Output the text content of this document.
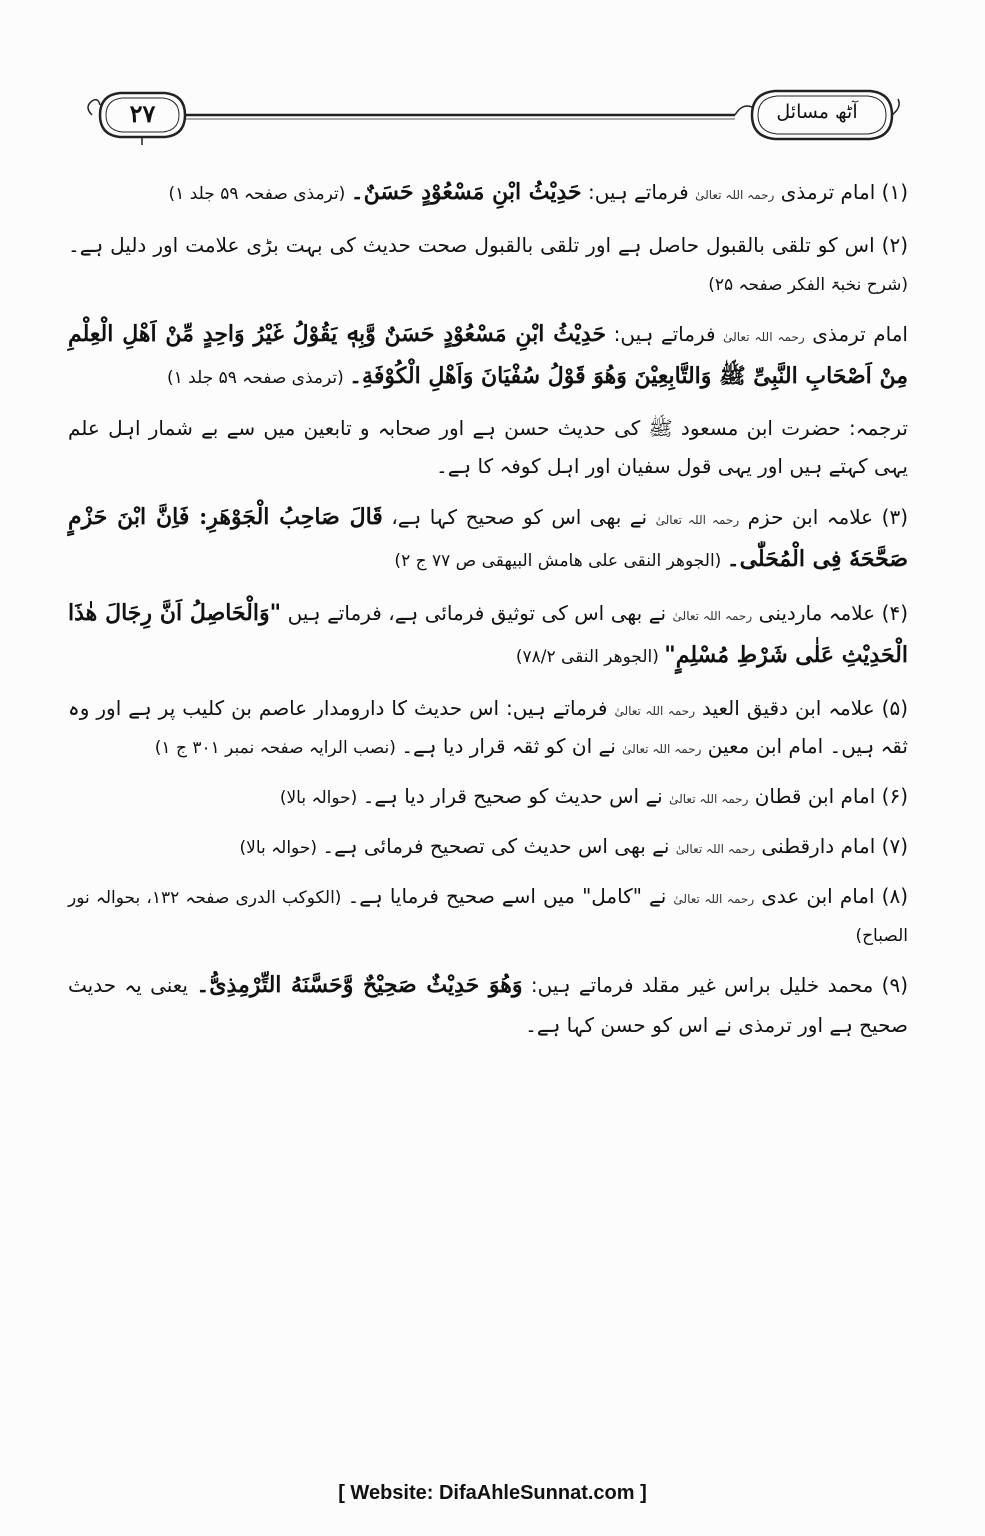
۲۷	آٹھ مسائل

(۱) امام ترمذی رحمہ اللہ تعالیٰ فرماتے ہیں: حَدِیْثُ ابْنِ مَسْعُوْدٍ حَسَنٌ۔ (ترمذی صفحہ ۵۹ جلد ۱)

(۲) اس کو تلقی بالقبول حاصل ہے اور تلقی بالقبول صحت حدیث کی بہت بڑی علامت اور دلیل ہے۔ (شرح نخبۃ الفکر صفحہ ۲۵)

امام ترمذی رحمہ اللہ تعالیٰ فرماتے ہیں: حَدِیْثُ ابْنِ مَسْعُوْدٍ حَسَنٌ وَّبِهٖ یَقُوْلُ غَیْرُ وَاحِدٍ مِّنْ اَهْلِ الْعِلْمِ مِنْ اَصْحَابِ النَّبِیِّ ﷺ وَالتَّابِعِیْنَ وَهُوَ قَوْلُ سُفْیَانَ وَاَهْلِ الْكُوْفَةِ۔ (ترمذی صفحہ ۵۹ جلد ۱)

ترجمہ: حضرت ابن مسعود ﷺ کی حدیث حسن ہے اور صحابہ و تابعین میں سے بے شمار اہل علم یہی کہتے ہیں اور یہی قول سفیان اور اہل کوفہ کا ہے۔

(۳) علامہ ابن حزم رحمہ اللہ تعالیٰ نے بھی اس کو صحیح کہا ہے، قَالَ صَاحِبُ الْجَوْهَرِ: فَاِنَّ ابْنَ حَزْمٍ صَحَّحَهٗ فِی الْمُحَلّٰی۔ (الجوهر النقی علی هامش البیهقی ص ۷۷ ج ۲)

(۴) علامہ ماردینی رحمہ اللہ تعالیٰ نے بھی اس کی توثیق فرمائی ہے، فرماتے ہیں "وَالْحَاصِلُ اَنَّ رِجَالَ هٰذَا الْحَدِیْثِ عَلٰی شَرْطِ مُسْلِمٍ" (الجوهر النقی ۷۸/۲)

(۵) علامہ ابن دقیق العید رحمہ اللہ تعالیٰ فرماتے ہیں: اس حدیث کا دارومدار عاصم بن کلیب پر ہے اور وہ ثقہ ہیں۔ امام ابن معین رحمہ اللہ تعالیٰ نے ان کو ثقہ قرار دیا ہے۔ (نصب الرایہ صفحہ نمبر ۳۰۱ ج ۱)

(۶) امام ابن قطان رحمہ اللہ تعالیٰ نے اس حدیث کو صحیح قرار دیا ہے۔ (حوالہ بالا)

(۷) امام دارقطنی رحمہ اللہ تعالیٰ نے بھی اس حدیث کی تصحیح فرمائی ہے۔ (حوالہ بالا)

(۸) امام ابن عدی رحمہ اللہ تعالیٰ نے "کامل" میں اسے صحیح فرمایا ہے۔ (الکوکب الدری صفحہ ۱۳۲، بحوالہ نور الصباح)

(۹) محمد خلیل براس غیر مقلد فرماتے ہیں: وَهُوَ حَدِیْثٌ صَحِیْحٌ وَّحَسَّنَهُ التِّرْمِذِیُّ۔ یعنی یہ حدیث صحیح ہے اور ترمذی نے اس کو حسن کہا ہے۔

[ Website: DifaAhleSunnat.com ]
